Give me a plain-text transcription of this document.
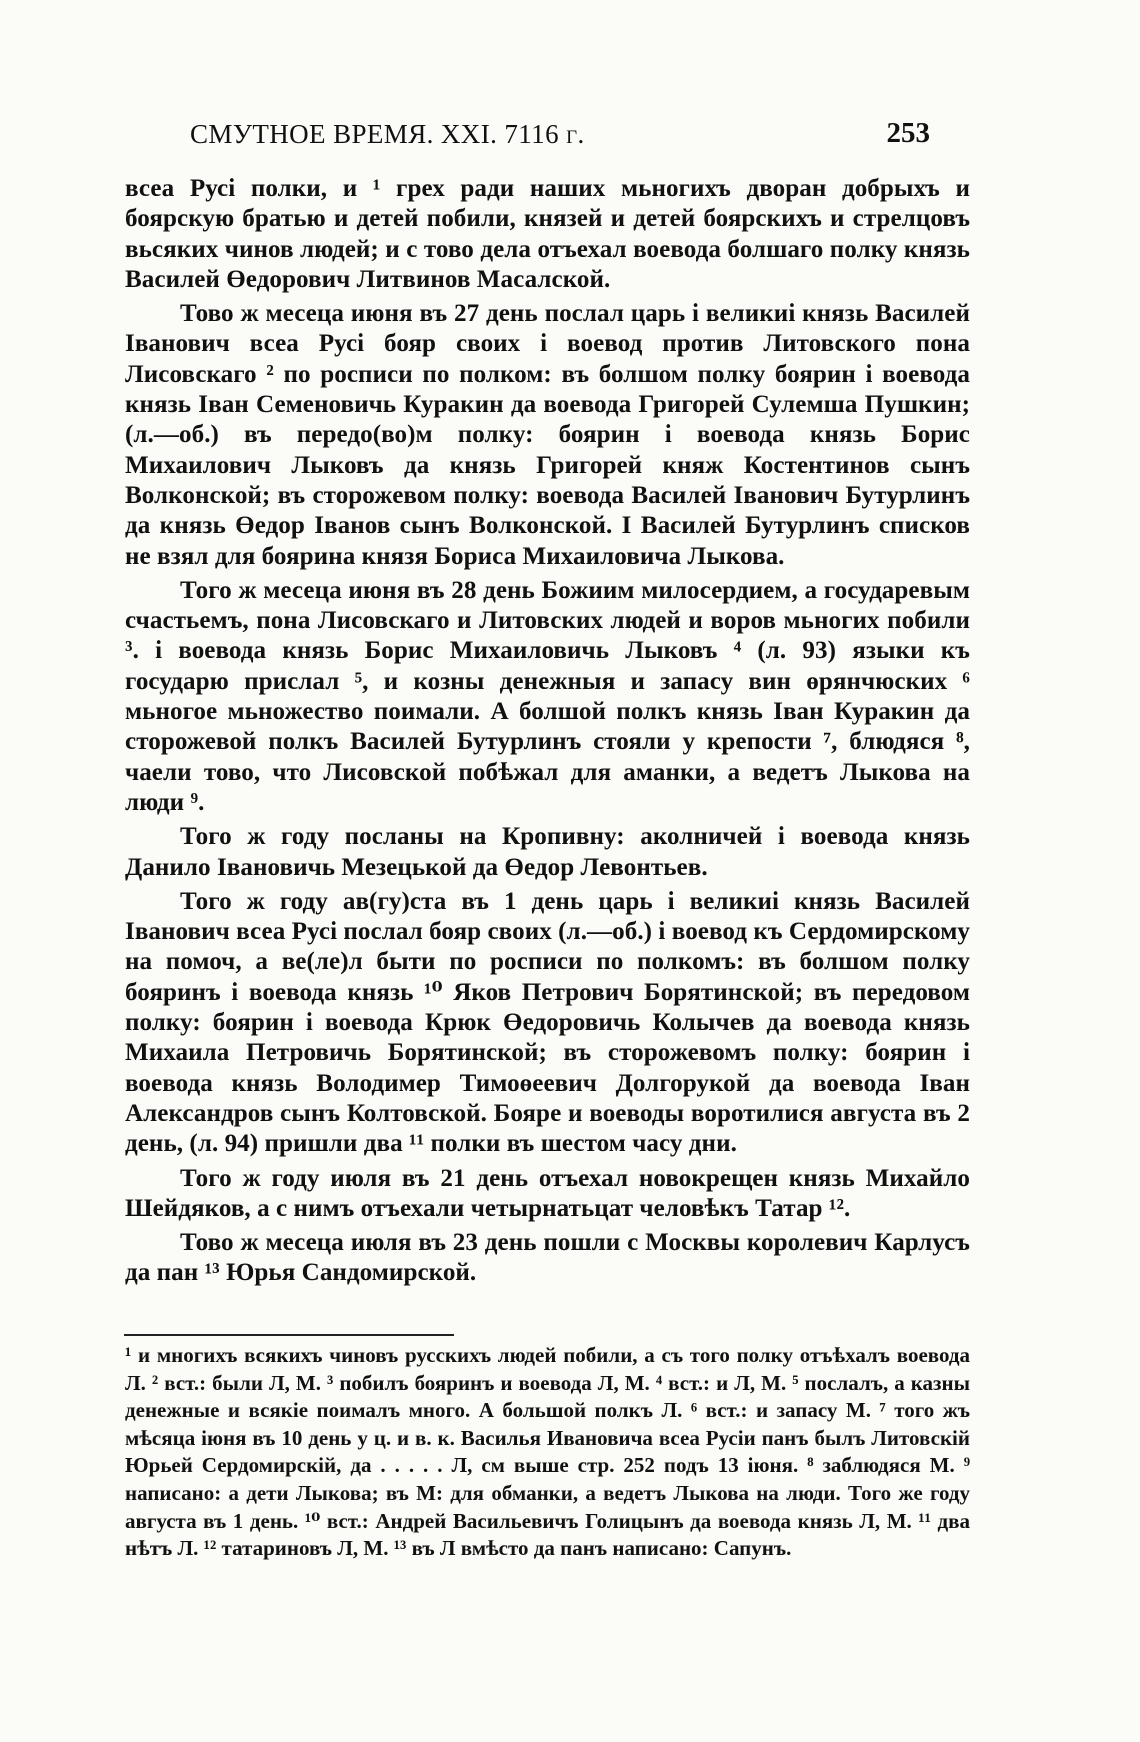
СМУТНОЕ ВРЕМЯ. XXI. 7116 г.	253

всеа Русі полки, и ¹ грех ради наших мьногихъ дворан добрыхъ и боярскую братью и детей побили, князей и детей боярскихъ и стрелцовъ вьсяких чинов людей; и с тово дела отъехал воевода болшаго полку князь Василей Өедорович Литвинов Масалской.

Тово ж месеца июня въ 27 день послал царь і великиі князь Василей Іванович всеа Русі бояр своих і воевод против Литовского пона Лисовскаго ² по росписи по полком: въ болшом полку боярин і воевода князь Іван Семеновичь Куракин да воевода Григорей Сулемша Пушкин; (л.—об.) въ передо(во)м полку: боярин і воевода князь Борис Михаилович Лыковъ да князь Григорей княж Костентинов сынъ Волконской; въ сторожевом полку: воевода Василей Іванович Бутурлинъ да князь Өедор Іванов сынъ Волконской. І Василей Бутурлинъ списков не взял для боярина князя Бориса Михаиловича Лыкова.

Того ж месеца июня въ 28 день Божиим милосердием, а государевым счастьемъ, пона Лисовскаго и Литовских людей и воров мьногих побили ³. і воевода князь Борис Михаиловичь Лыковъ ⁴ (л. 93) языки къ государю прислал ⁵, и козны денежныя и запасу вин өрянчюских ⁶ мьногое мьножество поимали. А болшой полкъ князь Іван Куракин да сторожевой полкъ Василей Бутурлинъ стояли у крепости ⁷, блюдяся ⁸, чаели тово, что Лисовской побѣжал для аманки, а ведетъ Лыкова на люди ⁹.

Того ж году посланы на Кропивну: аколничей і воевода князь Данило Івановичь Мезецькой да Өедор Левонтьев.

Того ж году ав(гу)ста въ 1 день царь і великиі князь Василей Іванович всеа Русі послал бояр своих (л.—об.) і воевод къ Сердомирскому на помоч, а ве(ле)л быти по росписи по полкомъ: въ болшом полку бояринъ і воевода князь ¹⁰ Яков Петрович Борятинской; въ передовом полку: боярин і воевода Крюк Өедоровичь Колычев да воевода князь Михаила Петровичь Борятинской; въ сторожевомъ полку: боярин і воевода князь Володимер Тимоөеевич Долгорукой да воевода Іван Александров сынъ Колтовской. Бояре и воеводы воротилися августа въ 2 день, (л. 94) пришли два ¹¹ полки въ шестом часу дни.

Того ж году июля въ 21 день отъехал новокрещен князь Михайло Шейдяков, а с нимъ отъехали четырнатьцат человѣкъ Татар ¹².

Тово ж месеца июля въ 23 день пошли с Москвы королевич Карлусъ да пан ¹³ Юрья Сандомирской.

¹ и многихъ всякихъ чиновъ русскихъ людей побили, а съ того полку отъѣхалъ воевода Л. ² вст.: были Л, М. ³ побилъ бояринъ и воевода Л, М. ⁴ вст.: и Л, М. ⁵ послалъ, а казны денежные и всякіе поималъ много. А большой полкъ Л. ⁶ вст.: и запасу М. ⁷ того жъ мѣсяца іюня въ 10 день у ц. и в. к. Василья Ивановича всеа Русіи панъ былъ Литовскій Юрьей Сердомирскій, да . . . . . Л, см выше стр. 252 подъ 13 іюня. ⁸ заблюдяся М. ⁹ написано: а дети Лыкова; въ М: для обманки, а ведетъ Лыкова на люди. Того же году августа въ 1 день. ¹⁰ вст.: Андрей Васильевичъ Голицынъ да воевода князь Л, М. ¹¹ два нѣтъ Л. ¹² татариновъ Л, М. ¹³ въ Л вмѣсто да панъ написано: Сапунъ.
